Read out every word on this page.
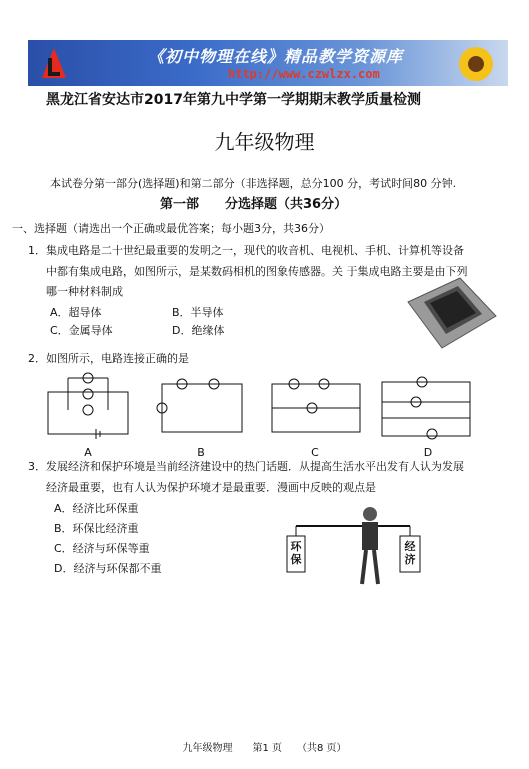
《初中物理在线》精品教学资源库
http://www.czwlzx.com
黑龙江省安达市2017年第九中学第一学期期末教学质量检测
九年级物理
本试卷分第一部分(选择题)和第二部分（非选择题，总分100 分，考试时间80 分钟.
第一部　　分选择题（共36分）
一、选择题（请选出一个正确或最优答案；每小题3分，共36分）
1．集成电路是二十世纪最重要的发明之一，现代的收音机、电视机、手机、计算机等设备
中都有集成电路，如图所示，是某数码相机的图象传感器。关 于集成电路主要是由下列
哪一种材料制成
A．超导体	B．半导体
C．金属导体	D．绝缘体
2．如图所示，电路连接正确的是
A	B	C	D
3．发展经济和保护环境是当前经济建设中的热门话题．从提高生活水平出发有人认为发展
经济最重要，也有人认为保护环境才是最重要．漫画中反映的观点是
A．经济比环保重
B．环保比经济重
C．经济与环保等重
D．经济与环保都不重
环保
经济
九年级物理　　第1 页　　（共8 页）
